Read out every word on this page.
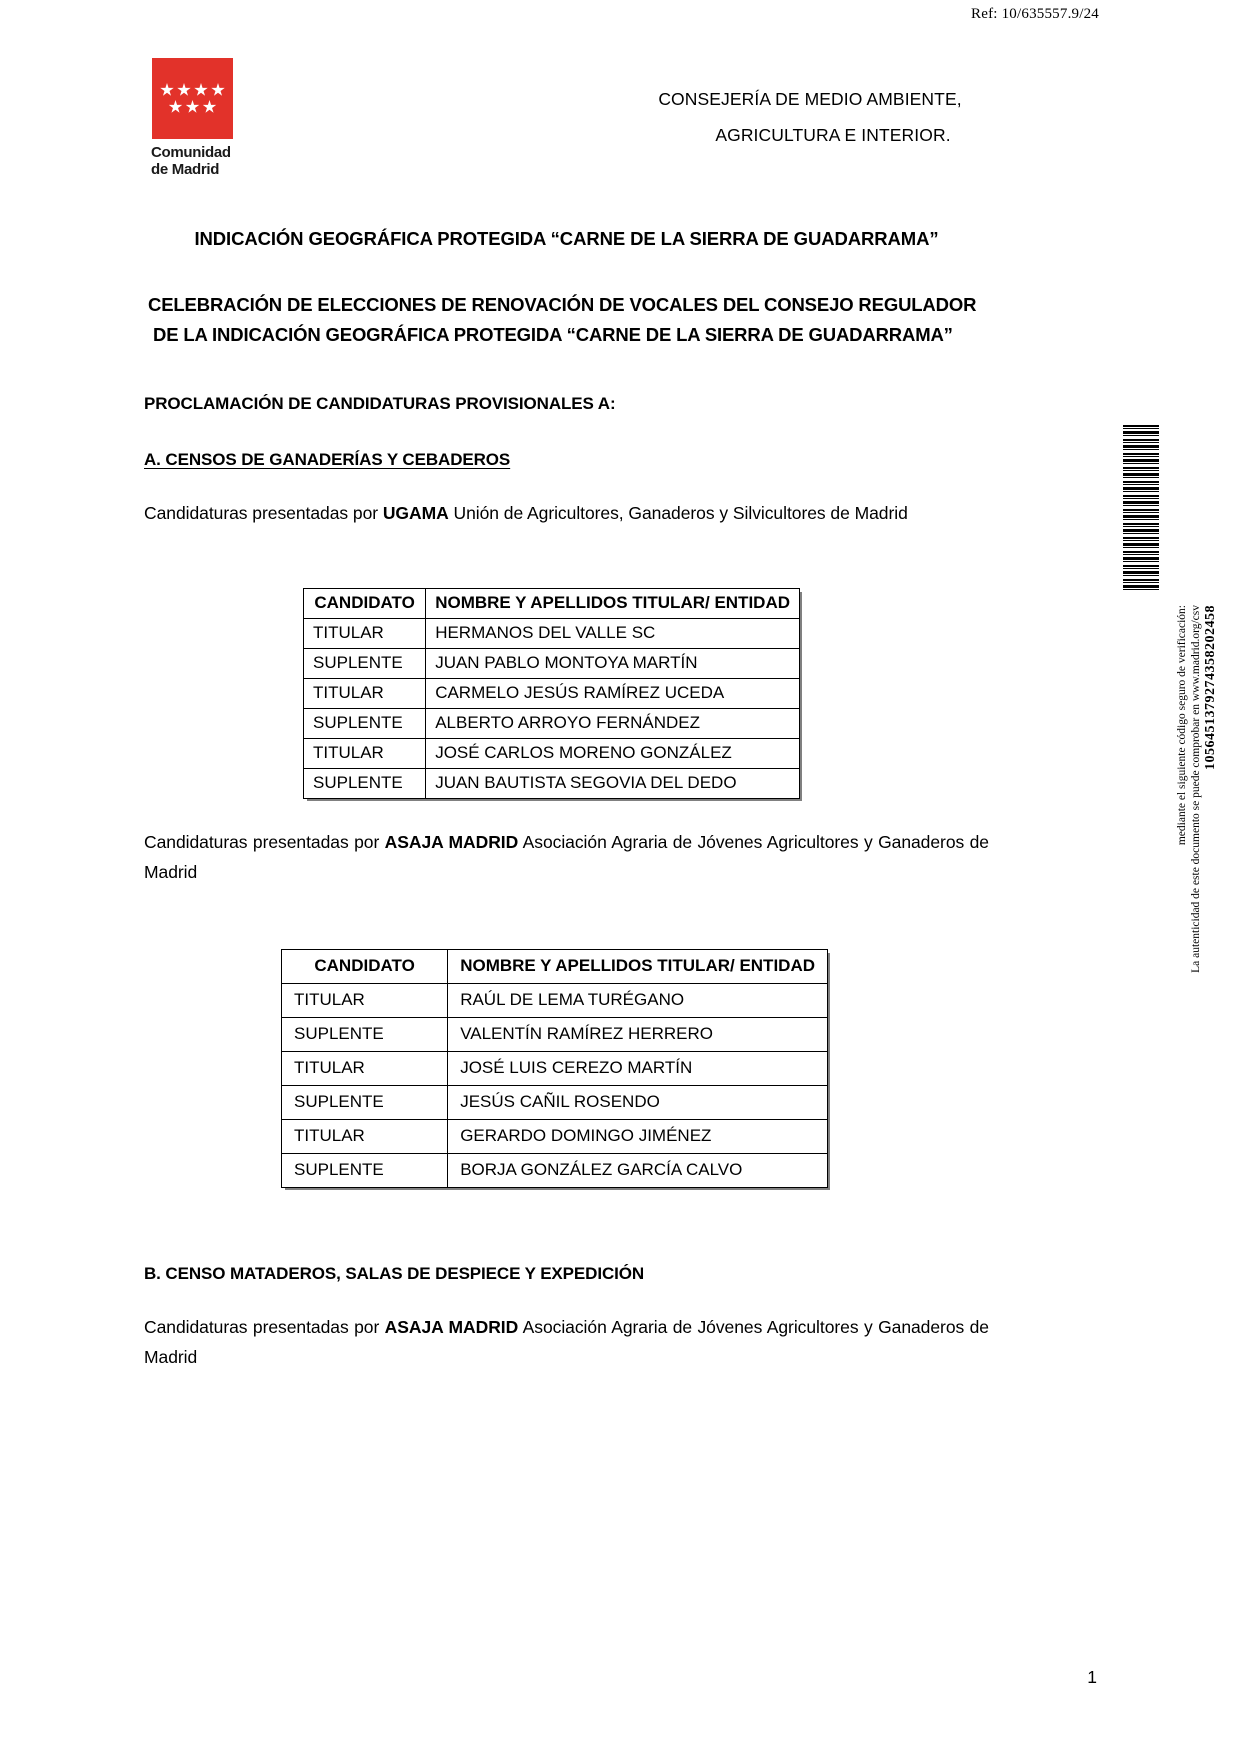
Ref: 10/635557.9/24
Comunidad
de Madrid
CONSEJERÍA DE MEDIO AMBIENTE,
AGRICULTURA E INTERIOR.
INDICACIÓN GEOGRÁFICA PROTEGIDA “CARNE DE LA SIERRA DE GUADARRAMA”
CELEBRACIÓN DE ELECCIONES DE RENOVACIÓN DE VOCALES DEL CONSEJO REGULADOR
DE LA INDICACIÓN GEOGRÁFICA PROTEGIDA “CARNE DE LA SIERRA DE GUADARRAMA”
PROCLAMACIÓN DE CANDIDATURAS PROVISIONALES A:
A. CENSOS DE GANADERÍAS Y CEBADEROS
Candidaturas presentadas por UGAMA Unión de Agricultores, Ganaderos y Silvicultores de Madrid
CANDIDATO	NOMBRE Y APELLIDOS TITULAR/ ENTIDAD
TITULAR	HERMANOS DEL VALLE SC
SUPLENTE	JUAN PABLO MONTOYA MARTÍN
TITULAR	CARMELO JESÚS RAMÍREZ UCEDA
SUPLENTE	ALBERTO ARROYO FERNÁNDEZ
TITULAR	JOSÉ CARLOS MORENO GONZÁLEZ
SUPLENTE	JUAN BAUTISTA SEGOVIA DEL DEDO
Candidaturas presentadas por ASAJA MADRID Asociación Agraria de Jóvenes Agricultores y Ganaderos de Madrid
CANDIDATO	NOMBRE Y APELLIDOS TITULAR/ ENTIDAD
TITULAR	RAÚL DE LEMA TURÉGANO
SUPLENTE	VALENTÍN RAMÍREZ HERRERO
TITULAR	JOSÉ LUIS CEREZO MARTÍN
SUPLENTE	JESÚS CAÑIL ROSENDO
TITULAR	GERARDO DOMINGO JIMÉNEZ
SUPLENTE	BORJA GONZÁLEZ GARCÍA CALVO
B. CENSO MATADEROS, SALAS DE DESPIECE Y EXPEDICIÓN
Candidaturas presentadas por ASAJA MADRID Asociación Agraria de Jóvenes Agricultores y Ganaderos de Madrid
1056451379274358202458
La autenticidad de este documento se puede comprobar en www.madrid.org/csv
mediante el siguiente código seguro de verificación:
1
